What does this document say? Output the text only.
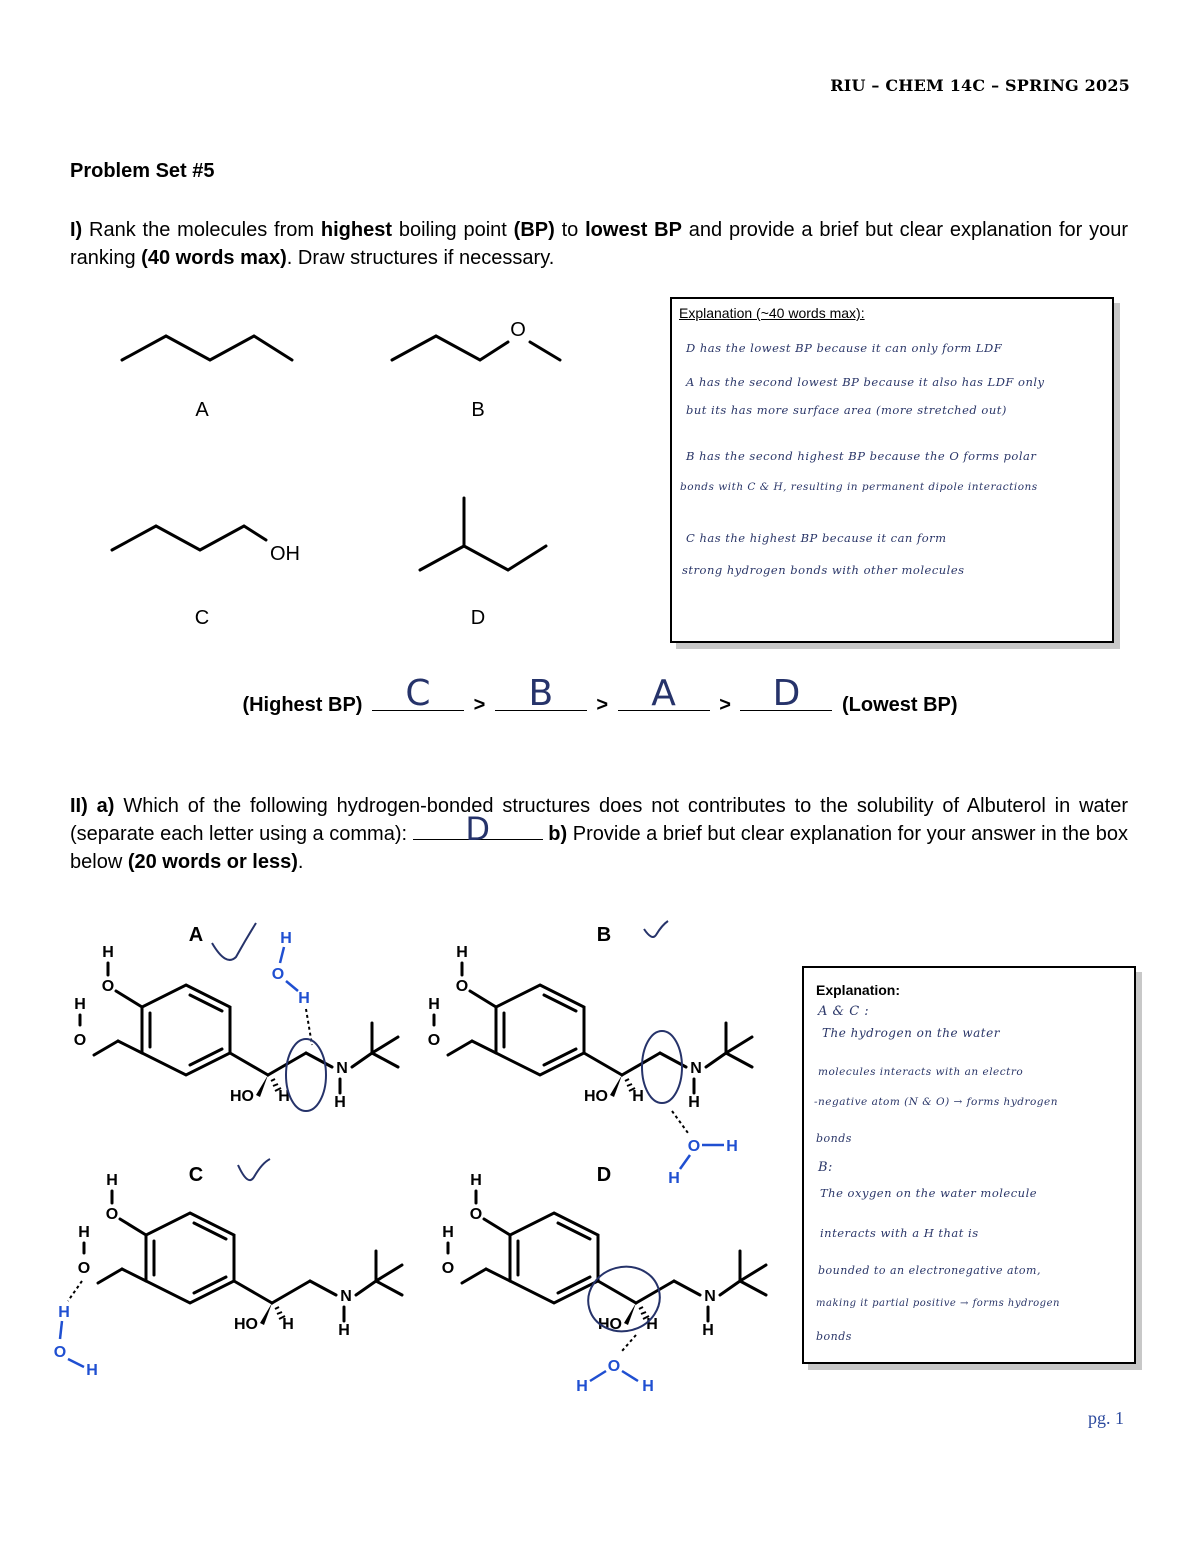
RIU – CHEM 14C – SPRING 2025
Problem Set #5
I) Rank the molecules from highest boiling point (BP) to lowest BP and provide a brief but clear explanation for your ranking (40 words max). Draw structures if necessary.
A
O
B
OH
C	D
Explanation (~40 words max):
D has the lowest BP because it can only form LDF
A has the second lowest BP because it also has LDF only
but its has more surface area (more stretched out)
B has the second highest BP because the O forms polar
bonds with C & H, resulting in permanent dipole interactions
C has the highest BP because it can form
strong hydrogen bonds with other molecules
(Highest BP)	C	>	B	>	A	>	D	(Lowest BP)
II) a) Which of the following hydrogen-bonded structures does not contributes to the solubility of Albuterol in water (separate each letter using a comma):	D	b) Provide a brief but clear explanation for your answer in the box below (20 words or less).
H
O
H
O
HO
N
H
A	H
O
H
B
O H
H
C
H
O
H
D
O
H	H
Explanation:
A & C :
The hydrogen on the water
molecules interacts with an electro
-negative atom (N & O) → forms hydrogen
bonds
B:
The oxygen on the water molecule
interacts with a H that is
bounded to an electronegative atom,
making it partial positive → forms hydrogen
bonds
pg. 1
